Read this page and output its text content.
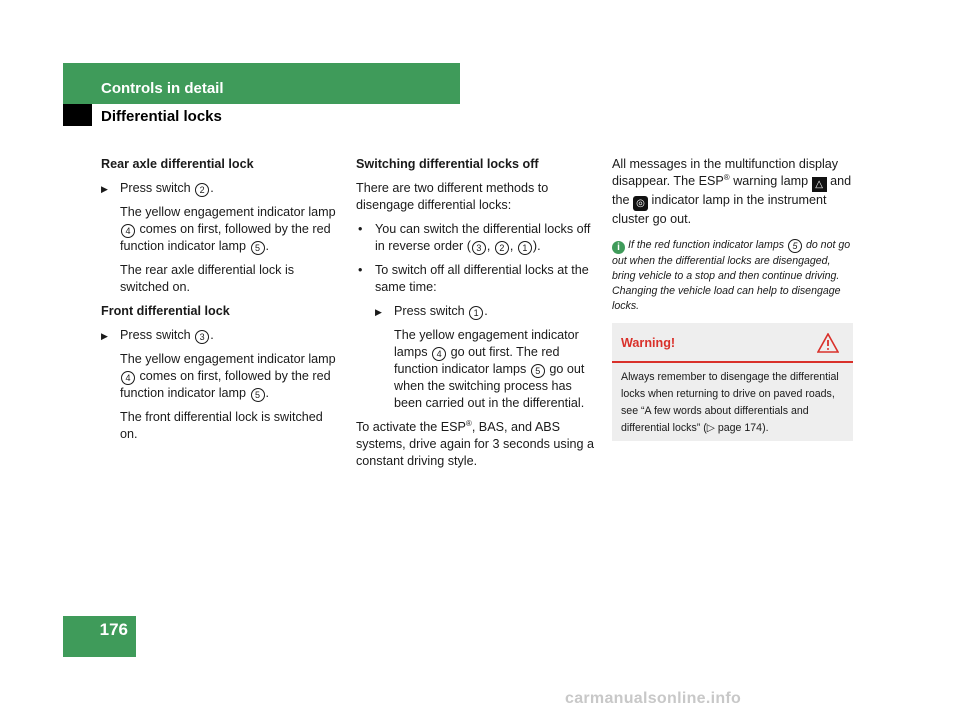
Controls in detail
Differential locks
176
Rear axle differential lock
▶ Press switch 2 .

The yellow engagement indicator lamp 4 comes on first, followed by the red function indicator lamp 5 .

The rear axle differential lock is switched on.

Front differential lock
▶ Press switch 3 .

The yellow engagement indicator lamp 4 comes on first, followed by the red function indicator lamp 5 .

The front differential lock is switched on.

Switching differential locks off

There are two different methods to disengage differential locks:

• You can switch the differential locks off in reverse order ( 3 , 2 , 1 ).
• To switch off all differential locks at the same time:
▶ Press switch 1 .

The yellow engagement indicator lamps 4 go out first. The red function indicator lamps 5 go out when the switching process has been carried out in the differential.

To activate the ESP®, BAS, and ABS systems, drive again for 3 seconds using a constant driving style.

All messages in the multifunction display disappear. The ESP® warning lamp △ and the ◎ indicator lamp in the instrument cluster go out.

i If the red function indicator lamps 5 do not go out when the differential locks are disengaged, bring vehicle to a stop and then continue driving. Changing the vehicle load can help to disengage locks.
Warning!
Always remember to disengage the differential locks when returning to drive on paved roads, see “A few words about differentials and differential locks” (▷ page 174).
carmanualsonline.info
